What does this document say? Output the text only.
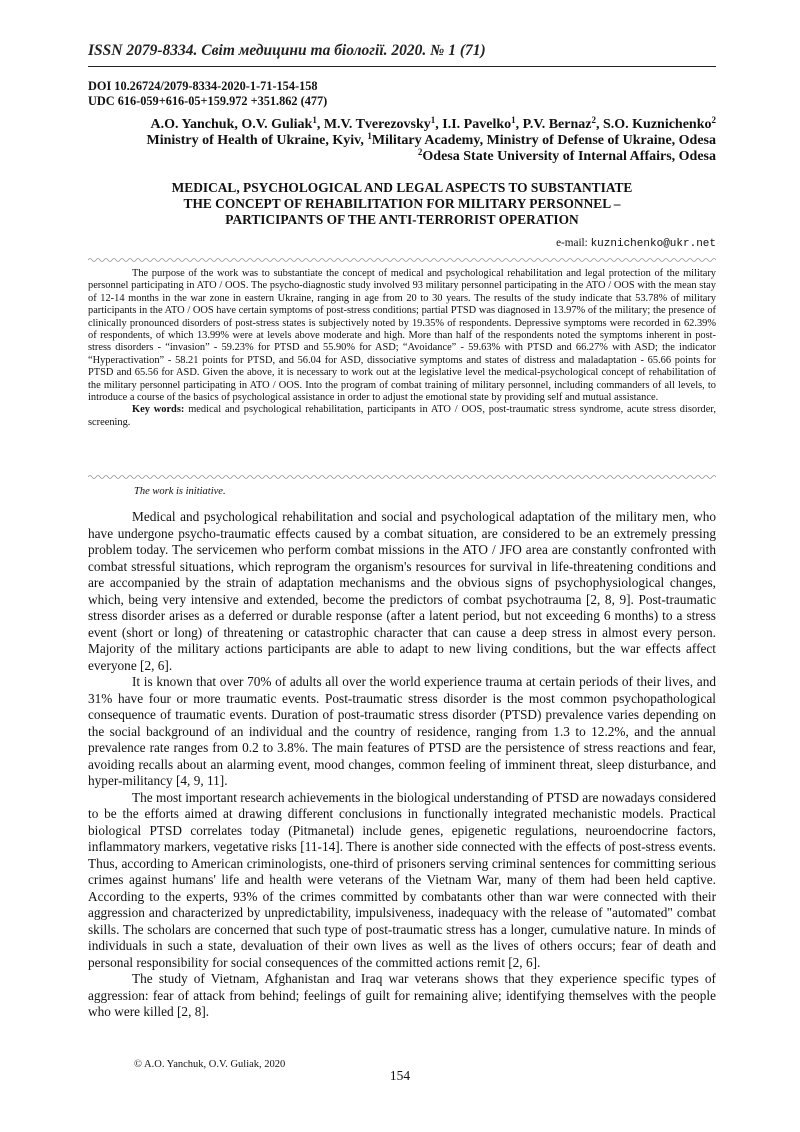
ISSN 2079-8334. Світ медицини та біології. 2020. № 1 (71)
DOI 10.26724/2079-8334-2020-1-71-154-158
UDC 616-059+616-05+159.972 +351.862 (477)
A.O. Yanchuk, O.V. Guliak$^1$, M.V. Tverezovsky$^1$, I.I. Pavelko$^1$, P.V. Bernaz$^2$, S.O. Kuznichenko$^2$
Ministry of Health of Ukraine, Kyiv, $^1$Military Academy, Ministry of Defense of Ukraine, Odesa
$^2$Odesa State University of Internal Affairs, Odesa
MEDICAL, PSYCHOLOGICAL AND LEGAL ASPECTS TO SUBSTANTIATE
THE CONCEPT OF REHABILITATION FOR MILITARY PERSONNEL –
PARTICIPANTS OF THE ANTI-TERRORIST OPERATION
e-mail: kuznichenko@ukr.net

The purpose of the work was to substantiate the concept of medical and psychological rehabilitation and legal protection of the military personnel participating in ATO / OOS. The psycho-diagnostic study involved 93 military personnel participating in the ATO / OOS with the mean stay of 12-14 months in the war zone in eastern Ukraine, ranging in age from 20 to 30 years. The results of the study indicate that 53.78% of military participants in the ATO / OOS have certain symptoms of post-stress conditions; partial PTSD was diagnosed in 13.97% of the military; the presence of clinically pronounced disorders of post-stress states is subjectively noted by 19.35% of respondents. Depressive symptoms were recorded in 62.39% of respondents, of which 13.99% were at levels above moderate and high. More than half of the respondents noted the symptoms inherent in post-stress disorders - “invasion” - 59.23% for PTSD and 55.90% for ASD; “Avoidance” - 59.63% with PTSD and 66.27% with ASD; the indicator “Hyperactivation” - 58.21 points for PTSD, and 56.04 for ASD, dissociative symptoms and states of distress and maladaptation - 65.66 points for PTSD and 65.56 for ASD. Given the above, it is necessary to work out at the legislative level the medical-psychological concept of rehabilitation of the military personnel participating in ATO / OOS. Into the program of combat training of military personnel, including commanders of all levels, to introduce a course of the basics of psychological assistance in order to adjust the emotional state by providing self and mutual assistance.

Key words: medical and psychological rehabilitation, participants in ATO / OOS, post-traumatic stress syndrome, acute stress disorder, screening.

The work is initiative.

Medical and psychological rehabilitation and social and psychological adaptation of the military men, who have undergone psycho-traumatic effects caused by a combat situation, are considered to be an extremely pressing problem today. The servicemen who perform combat missions in the ATO / JFO area are constantly confronted with combat stressful situations, which reprogram the organism's resources for survival in life-threatening conditions and are accompanied by the strain of adaptation mechanisms and the obvious signs of psychophysiological changes, which, being very intensive and extended, become the predictors of combat psychotrauma [2, 8, 9]. Post-traumatic stress disorder arises as a deferred or durable response (after a latent period, but not exceeding 6 months) to a stress event (short or long) of threatening or catastrophic character that can cause a deep stress in almost every person. Majority of the military actions participants are able to adapt to new living conditions, but the war effects affect everyone [2, 6].

It is known that over 70% of adults all over the world experience trauma at certain periods of their lives, and 31% have four or more traumatic events. Post-traumatic stress disorder is the most common psychopathological consequence of traumatic events. Duration of post-traumatic stress disorder (PTSD) prevalence varies depending on the social background of an individual and the country of residence, ranging from 1.3 to 12.2%, and the annual prevalence rate ranges from 0.2 to 3.8%. The main features of PTSD are the persistence of stress reactions and fear, avoiding recalls about an alarming event, mood changes, common feeling of imminent threat, sleep disturbance, and hyper-militancy [4, 9, 11].

The most important research achievements in the biological understanding of PTSD are nowadays considered to be the efforts aimed at drawing different conclusions in functionally integrated mechanistic models. Practical biological PTSD correlates today (Pitmanetal) include genes, epigenetic regulations, neuroendocrine factors, inflammatory markers, vegetative risks [11-14]. There is another side connected with the effects of post-stress events. Thus, according to American criminologists, one-third of prisoners serving criminal sentences for committing serious crimes against humans' life and health were veterans of the Vietnam War, many of them had been held captive. According to the experts, 93% of the crimes committed by combatants other than war were connected with their aggression and characterized by unpredictability, impulsiveness, inadequacy with the release of "automated" combat skills. The scholars are concerned that such type of post-traumatic stress has a longer, cumulative nature. In minds of individuals in such a state, devaluation of their own lives as well as the lives of others occurs; fear of death and personal responsibility for social consequences of the committed actions remit [2, 6].

The study of Vietnam, Afghanistan and Iraq war veterans shows that they experience specific types of aggression: fear of attack from behind; feelings of guilt for remaining alive; identifying themselves with the people who were killed [2, 8].

© A.O. Yanchuk, O.V. Guliak, 2020
154
